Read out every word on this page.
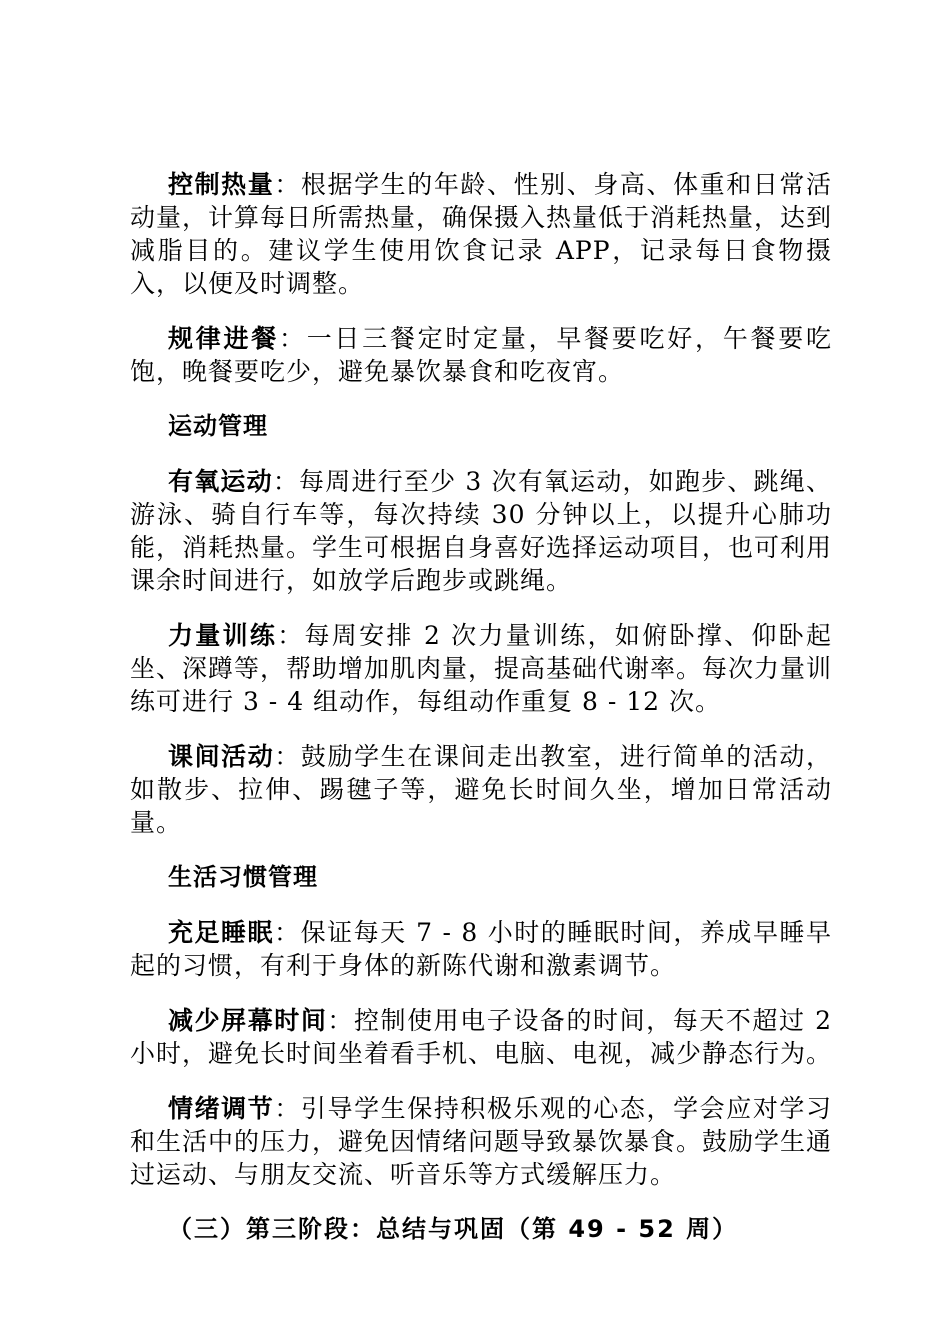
控制热量：根据学生的年龄、性别、身高、体重和日常活动量，计算每日所需热量，确保摄入热量低于消耗热量，达到减脂目的。建议学生使用饮食记录 APP，记录每日食物摄入，以便及时调整。

规律进餐：一日三餐定时定量，早餐要吃好，午餐要吃饱，晚餐要吃少，避免暴饮暴食和吃夜宵。

运动管理

有氧运动：每周进行至少 3 次有氧运动，如跑步、跳绳、游泳、骑自行车等，每次持续 30 分钟以上，以提升心肺功能，消耗热量。学生可根据自身喜好选择运动项目，也可利用课余时间进行，如放学后跑步或跳绳。

力量训练：每周安排 2 次力量训练，如俯卧撑、仰卧起坐、深蹲等，帮助增加肌肉量，提高基础代谢率。每次力量训练可进行 3 - 4 组动作，每组动作重复 8 - 12 次。

课间活动：鼓励学生在课间走出教室，进行简单的活动，如散步、拉伸、踢毽子等，避免长时间久坐，增加日常活动量。

生活习惯管理

充足睡眠：保证每天 7 - 8 小时的睡眠时间，养成早睡早起的习惯，有利于身体的新陈代谢和激素调节。

减少屏幕时间：控制使用电子设备的时间，每天不超过 2 小时，避免长时间坐着看手机、电脑、电视，减少静态行为。

情绪调节：引导学生保持积极乐观的心态，学会应对学习和生活中的压力，避免因情绪问题导致暴饮暴食。鼓励学生通过运动、与朋友交流、听音乐等方式缓解压力。

（三）第三阶段：总结与巩固（第 49 - 52 周）
